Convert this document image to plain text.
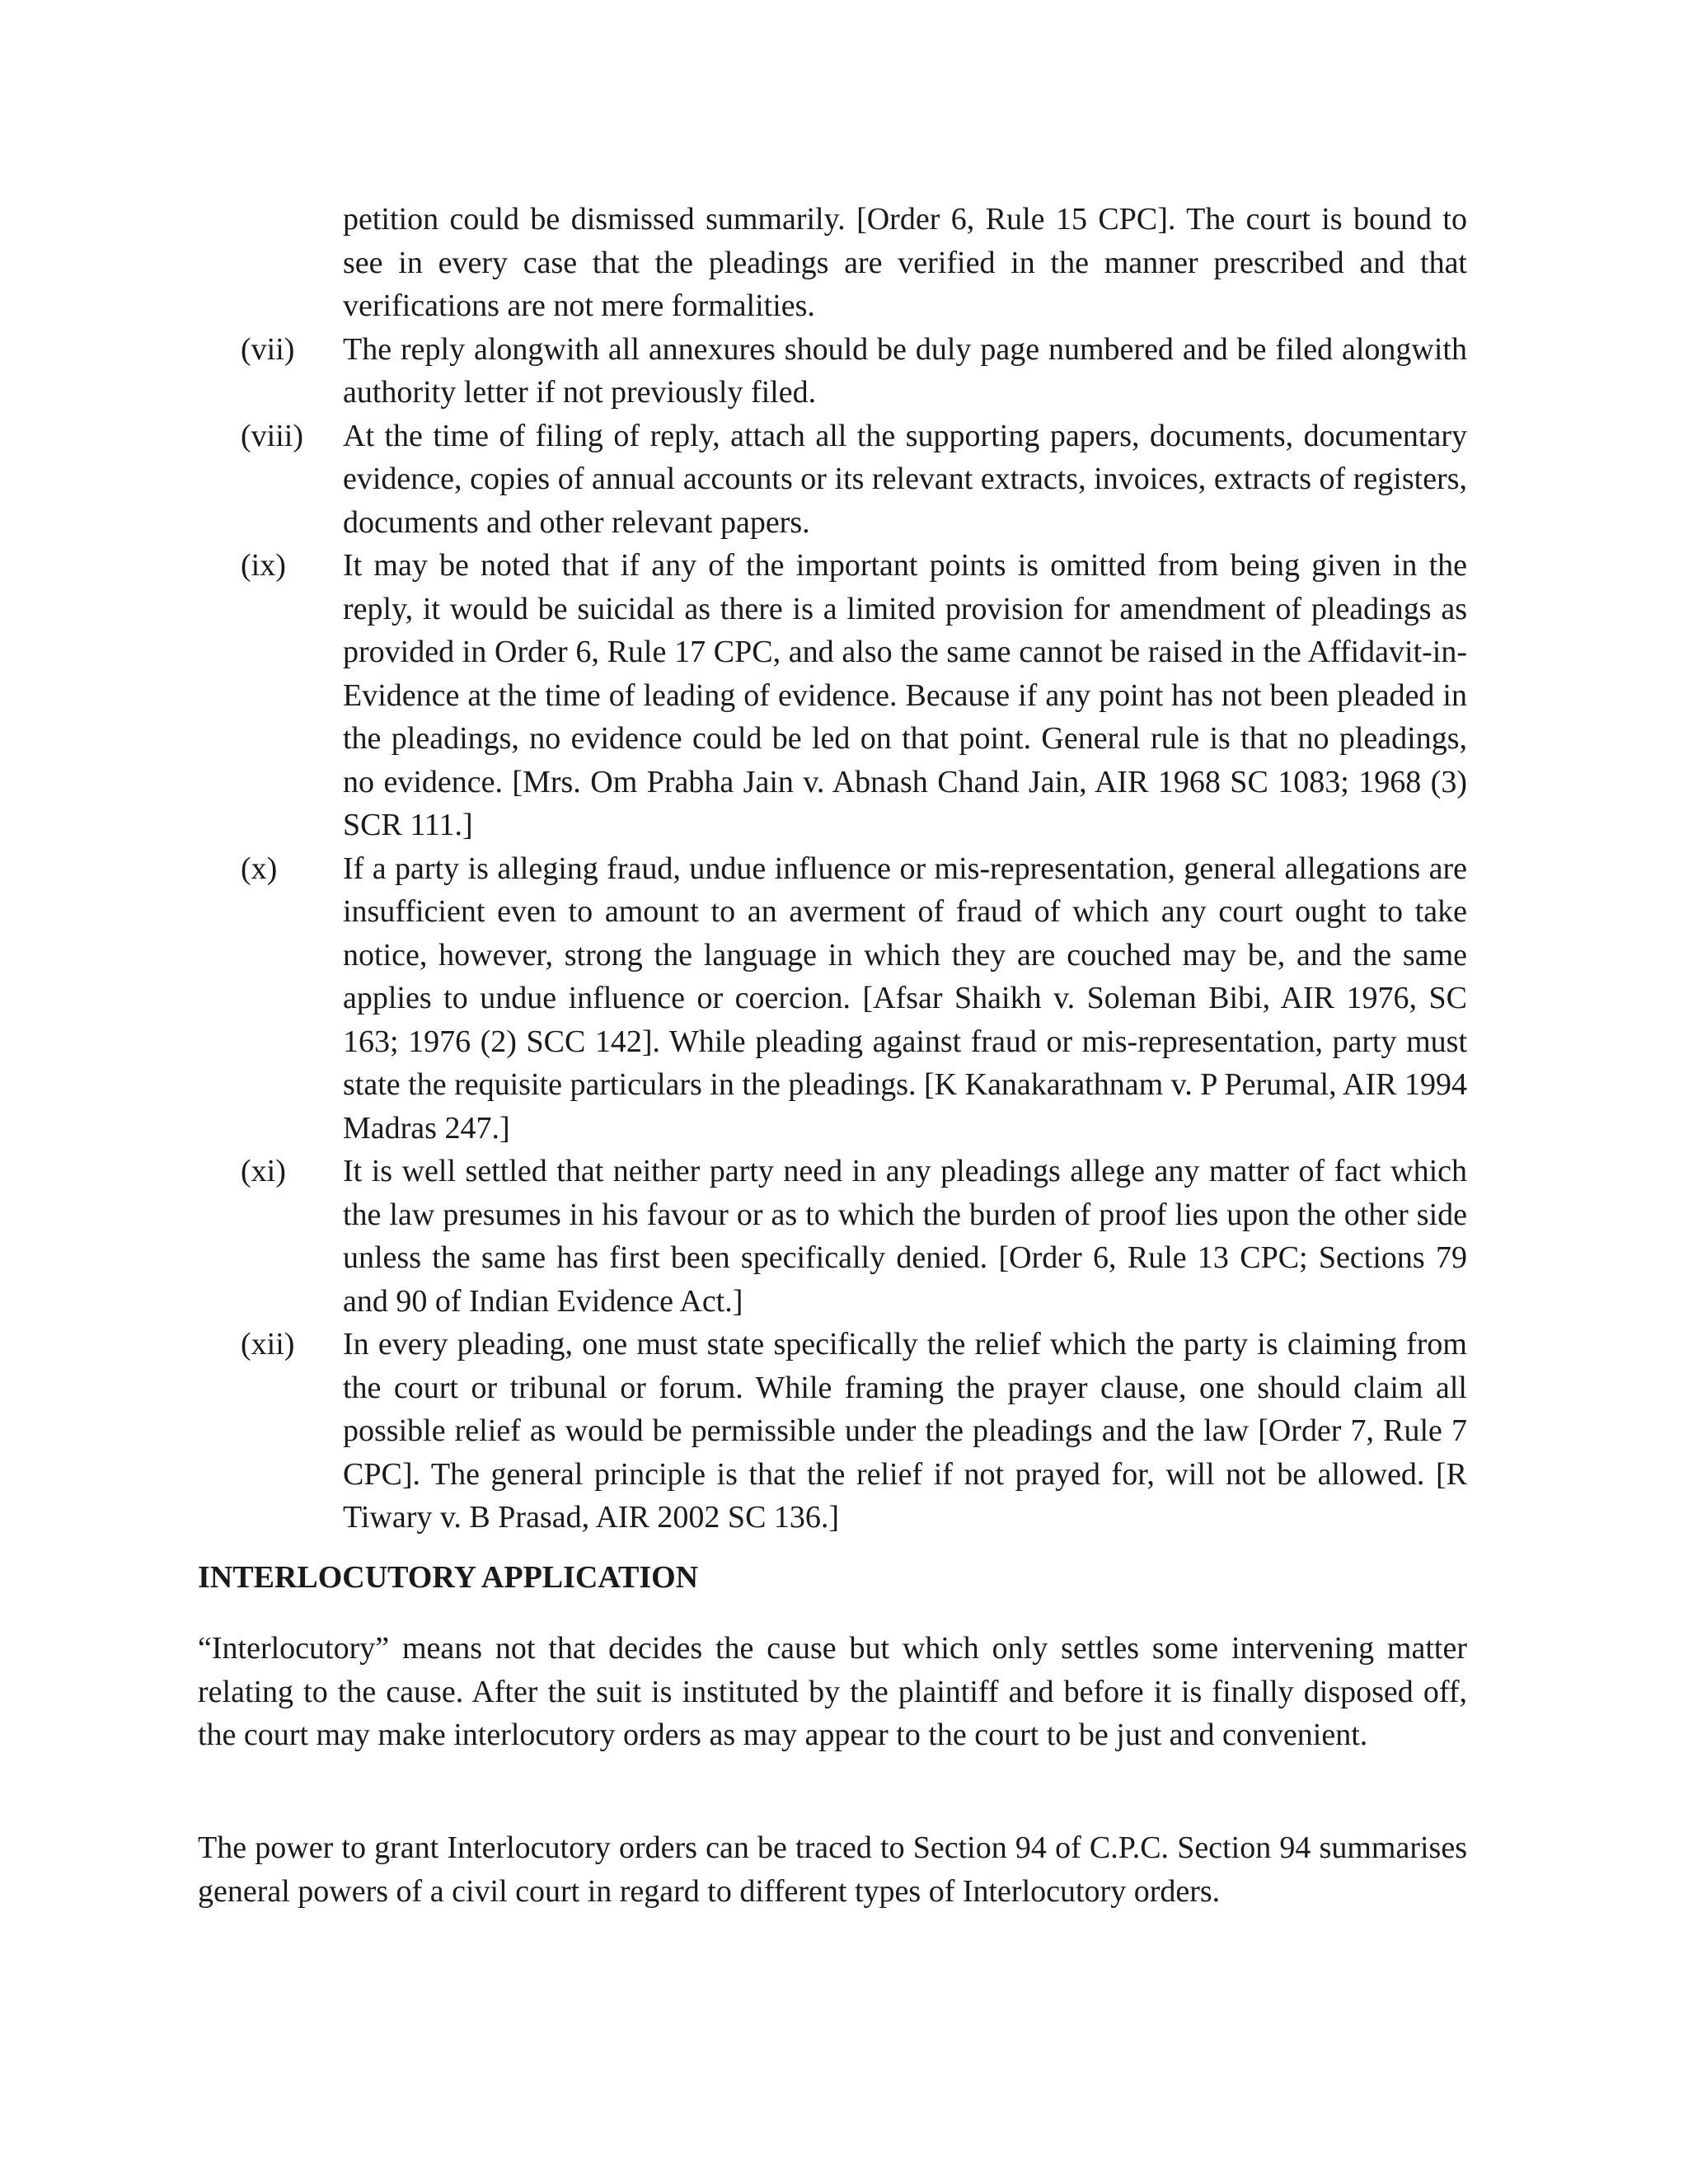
petition could be dismissed summarily. [Order 6, Rule 15 CPC]. The court is bound to see in every case that the pleadings are verified in the manner prescribed and that verifications are not mere formalities.
(vii) The reply alongwith all annexures should be duly page numbered and be filed alongwith authority letter if not previously filed.
(viii) At the time of filing of reply, attach all the supporting papers, documents, documentary evidence, copies of annual accounts or its relevant extracts, invoices, extracts of registers, documents and other relevant papers.
(ix) It may be noted that if any of the important points is omitted from being given in the reply, it would be suicidal as there is a limited provision for amendment of pleadings as provided in Order 6, Rule 17 CPC, and also the same cannot be raised in the Affidavit-in-Evidence at the time of leading of evidence. Because if any point has not been pleaded in the pleadings, no evidence could be led on that point. General rule is that no pleadings, no evidence. [Mrs. Om Prabha Jain v. Abnash Chand Jain, AIR 1968 SC 1083; 1968 (3) SCR 111.]
(x) If a party is alleging fraud, undue influence or mis-representation, general allegations are insufficient even to amount to an averment of fraud of which any court ought to take notice, however, strong the language in which they are couched may be, and the same applies to undue influence or coercion. [Afsar Shaikh v. Soleman Bibi, AIR 1976, SC 163; 1976 (2) SCC 142]. While pleading against fraud or mis-representation, party must state the requisite particulars in the pleadings. [K Kanakarathnam v. P Perumal, AIR 1994 Madras 247.]
(xi) It is well settled that neither party need in any pleadings allege any matter of fact which the law presumes in his favour or as to which the burden of proof lies upon the other side unless the same has first been specifically denied. [Order 6, Rule 13 CPC; Sections 79 and 90 of Indian Evidence Act.]
(xii) In every pleading, one must state specifically the relief which the party is claiming from the court or tribunal or forum. While framing the prayer clause, one should claim all possible relief as would be permissible under the pleadings and the law [Order 7, Rule 7 CPC]. The general principle is that the relief if not prayed for, will not be allowed. [R Tiwary v. B Prasad, AIR 2002 SC 136.]
INTERLOCUTORY APPLICATION
“Interlocutory” means not that decides the cause but which only settles some intervening matter relating to the cause. After the suit is instituted by the plaintiff and before it is finally disposed off, the court may make interlocutory orders as may appear to the court to be just and convenient.
The power to grant Interlocutory orders can be traced to Section 94 of C.P.C. Section 94 summarises general powers of a civil court in regard to different types of Interlocutory orders.
